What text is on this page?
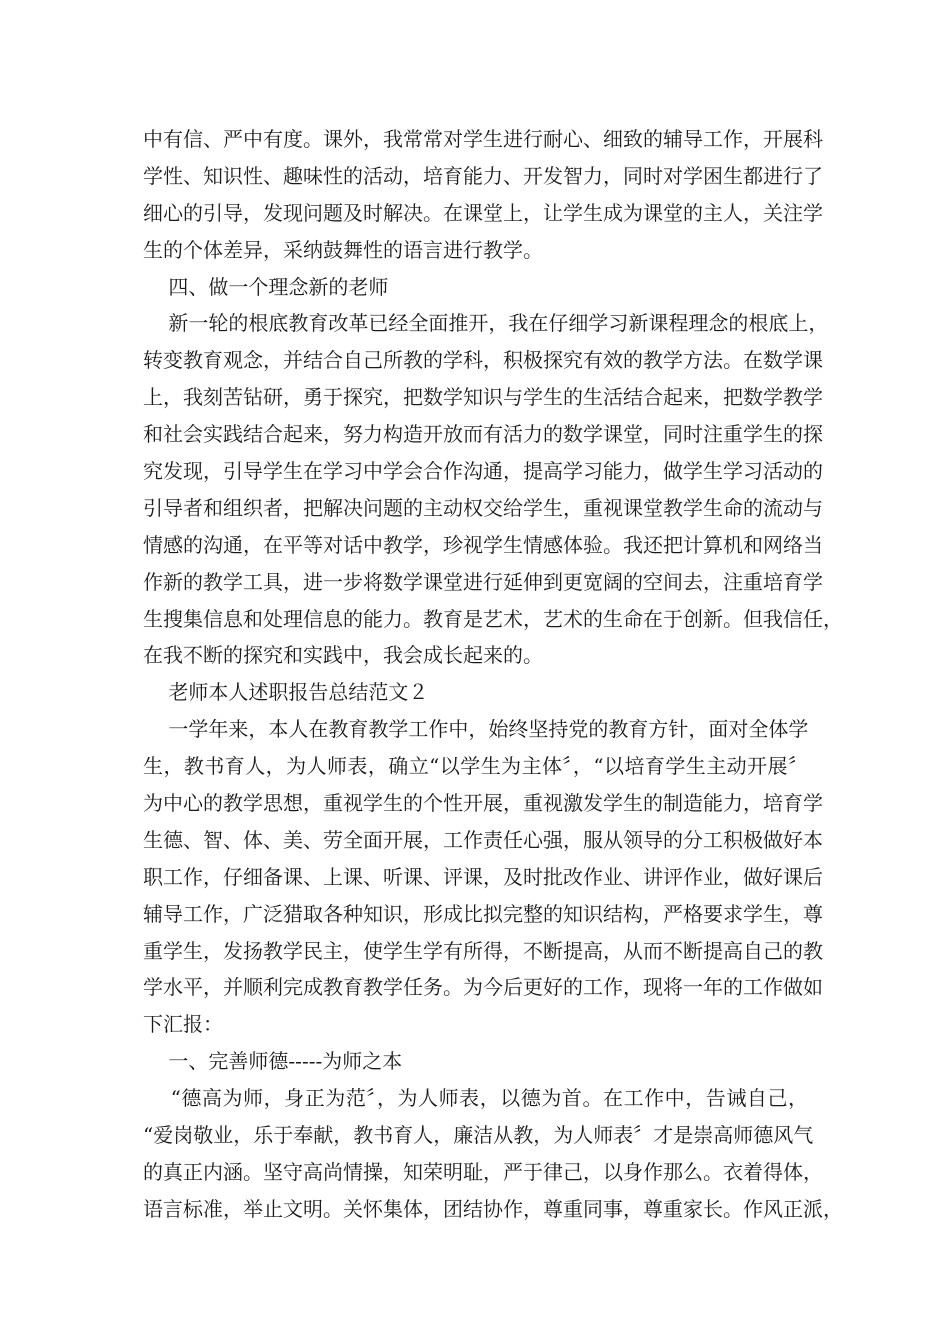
中有信、严中有度。课外，我常常对学生进行耐心、细致的辅导工作，开展科
学性、知识性、趣味性的活动，培育能力、开发智力，同时对学困生都进行了
细心的引导，发现问题及时解决。在课堂上，让学生成为课堂的主人，关注学
生的个体差异，采纳鼓舞性的语言进行教学。
四、做一个理念新的老师
新一轮的根底教育改革已经全面推开，我在仔细学习新课程理念的根底上，
转变教育观念，并结合自己所教的学科，积极探究有效的教学方法。在数学课
上，我刻苦钻研，勇于探究，把数学知识与学生的生活结合起来，把数学教学
和社会实践结合起来，努力构造开放而有活力的数学课堂，同时注重学生的探
究发现，引导学生在学习中学会合作沟通，提高学习能力，做学生学习活动的
引导者和组织者，把解决问题的主动权交给学生，重视课堂教学生命的流动与
情感的沟通，在平等对话中教学，珍视学生情感体验。我还把计算机和网络当
作新的教学工具，进一步将数学课堂进行延伸到更宽阔的空间去，注重培育学
生搜集信息和处理信息的能力。教育是艺术，艺术的生命在于创新。但我信任，
在我不断的探究和实践中，我会成长起来的。
老师本人述职报告总结范文２
一学年来，本人在教育教学工作中，始终坚持党的教育方针，面对全体学
生，教书育人，为人师表，确立“以学生为主体〞，“以培育学生主动开展〞
为中心的教学思想，重视学生的个性开展，重视激发学生的制造能力，培育学
生德、智、体、美、劳全面开展，工作责任心强，服从领导的分工积极做好本
职工作，仔细备课、上课、听课、评课，及时批改作业、讲评作业，做好课后
辅导工作，广泛猎取各种知识，形成比拟完整的知识结构，严格要求学生，尊
重学生，发扬教学民主，使学生学有所得，不断提高，从而不断提高自己的教
学水平，并顺利完成教育教学任务。为今后更好的工作，现将一年的工作做如
下汇报：
一、完善师德-----为师之本
“德高为师，身正为范〞，为人师表，以德为首。在工作中，告诫自己，
“爱岗敬业，乐于奉献，教书育人，廉洁从教，为人师表〞才是崇高师德风气
的真正内涵。坚守高尚情操，知荣明耻，严于律己，以身作那么。衣着得体，
语言标准，举止文明。关怀集体，团结协作，尊重同事，尊重家长。作风正派，
